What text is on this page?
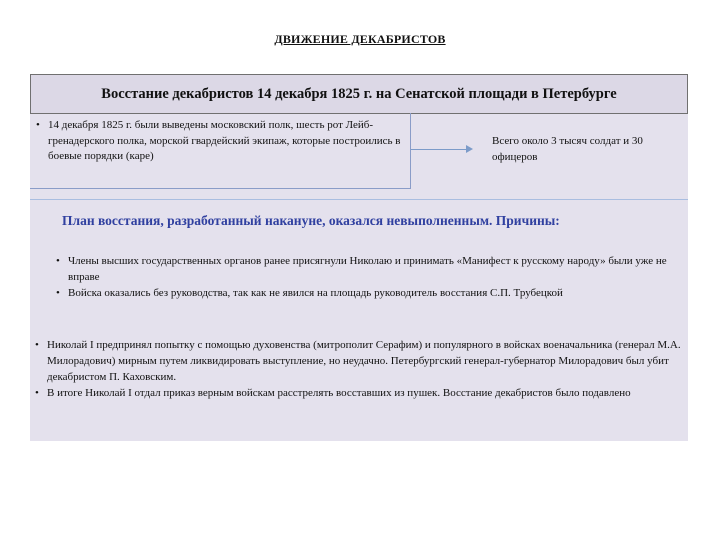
ДВИЖЕНИЕ ДЕКАБРИСТОВ
Восстание декабристов 14 декабря 1825 г. на Сенатской площади в Петербурге
• 14 декабря 1825 г. были выведены московский полк, шесть рот Лейб-гренадерского полка, морской гвардейский экипаж, которые построились в боевые порядки (каре)
Всего около 3 тысяч солдат и 30 офицеров
План восстания, разработанный накануне, оказался невыполненным. Причины:
• Члены высших государственных органов ранее присягнули Николаю и принимать «Манифест к русскому народу» были уже не вправе
• Войска оказались без руководства, так как не явился на площадь руководитель восстания С.П. Трубецкой
• Николай I предпринял попытку с помощью духовенства (митрополит Серафим) и популярного в войсках военачальника (генерал М.А. Милорадович) мирным путем ликвидировать выступление, но неудачно. Петербургский генерал-губернатор Милорадович был убит декабристом П. Каховским.
• В итоге Николай I отдал приказ верным войскам расстрелять восставших из пушек. Восстание декабристов было подавлено
